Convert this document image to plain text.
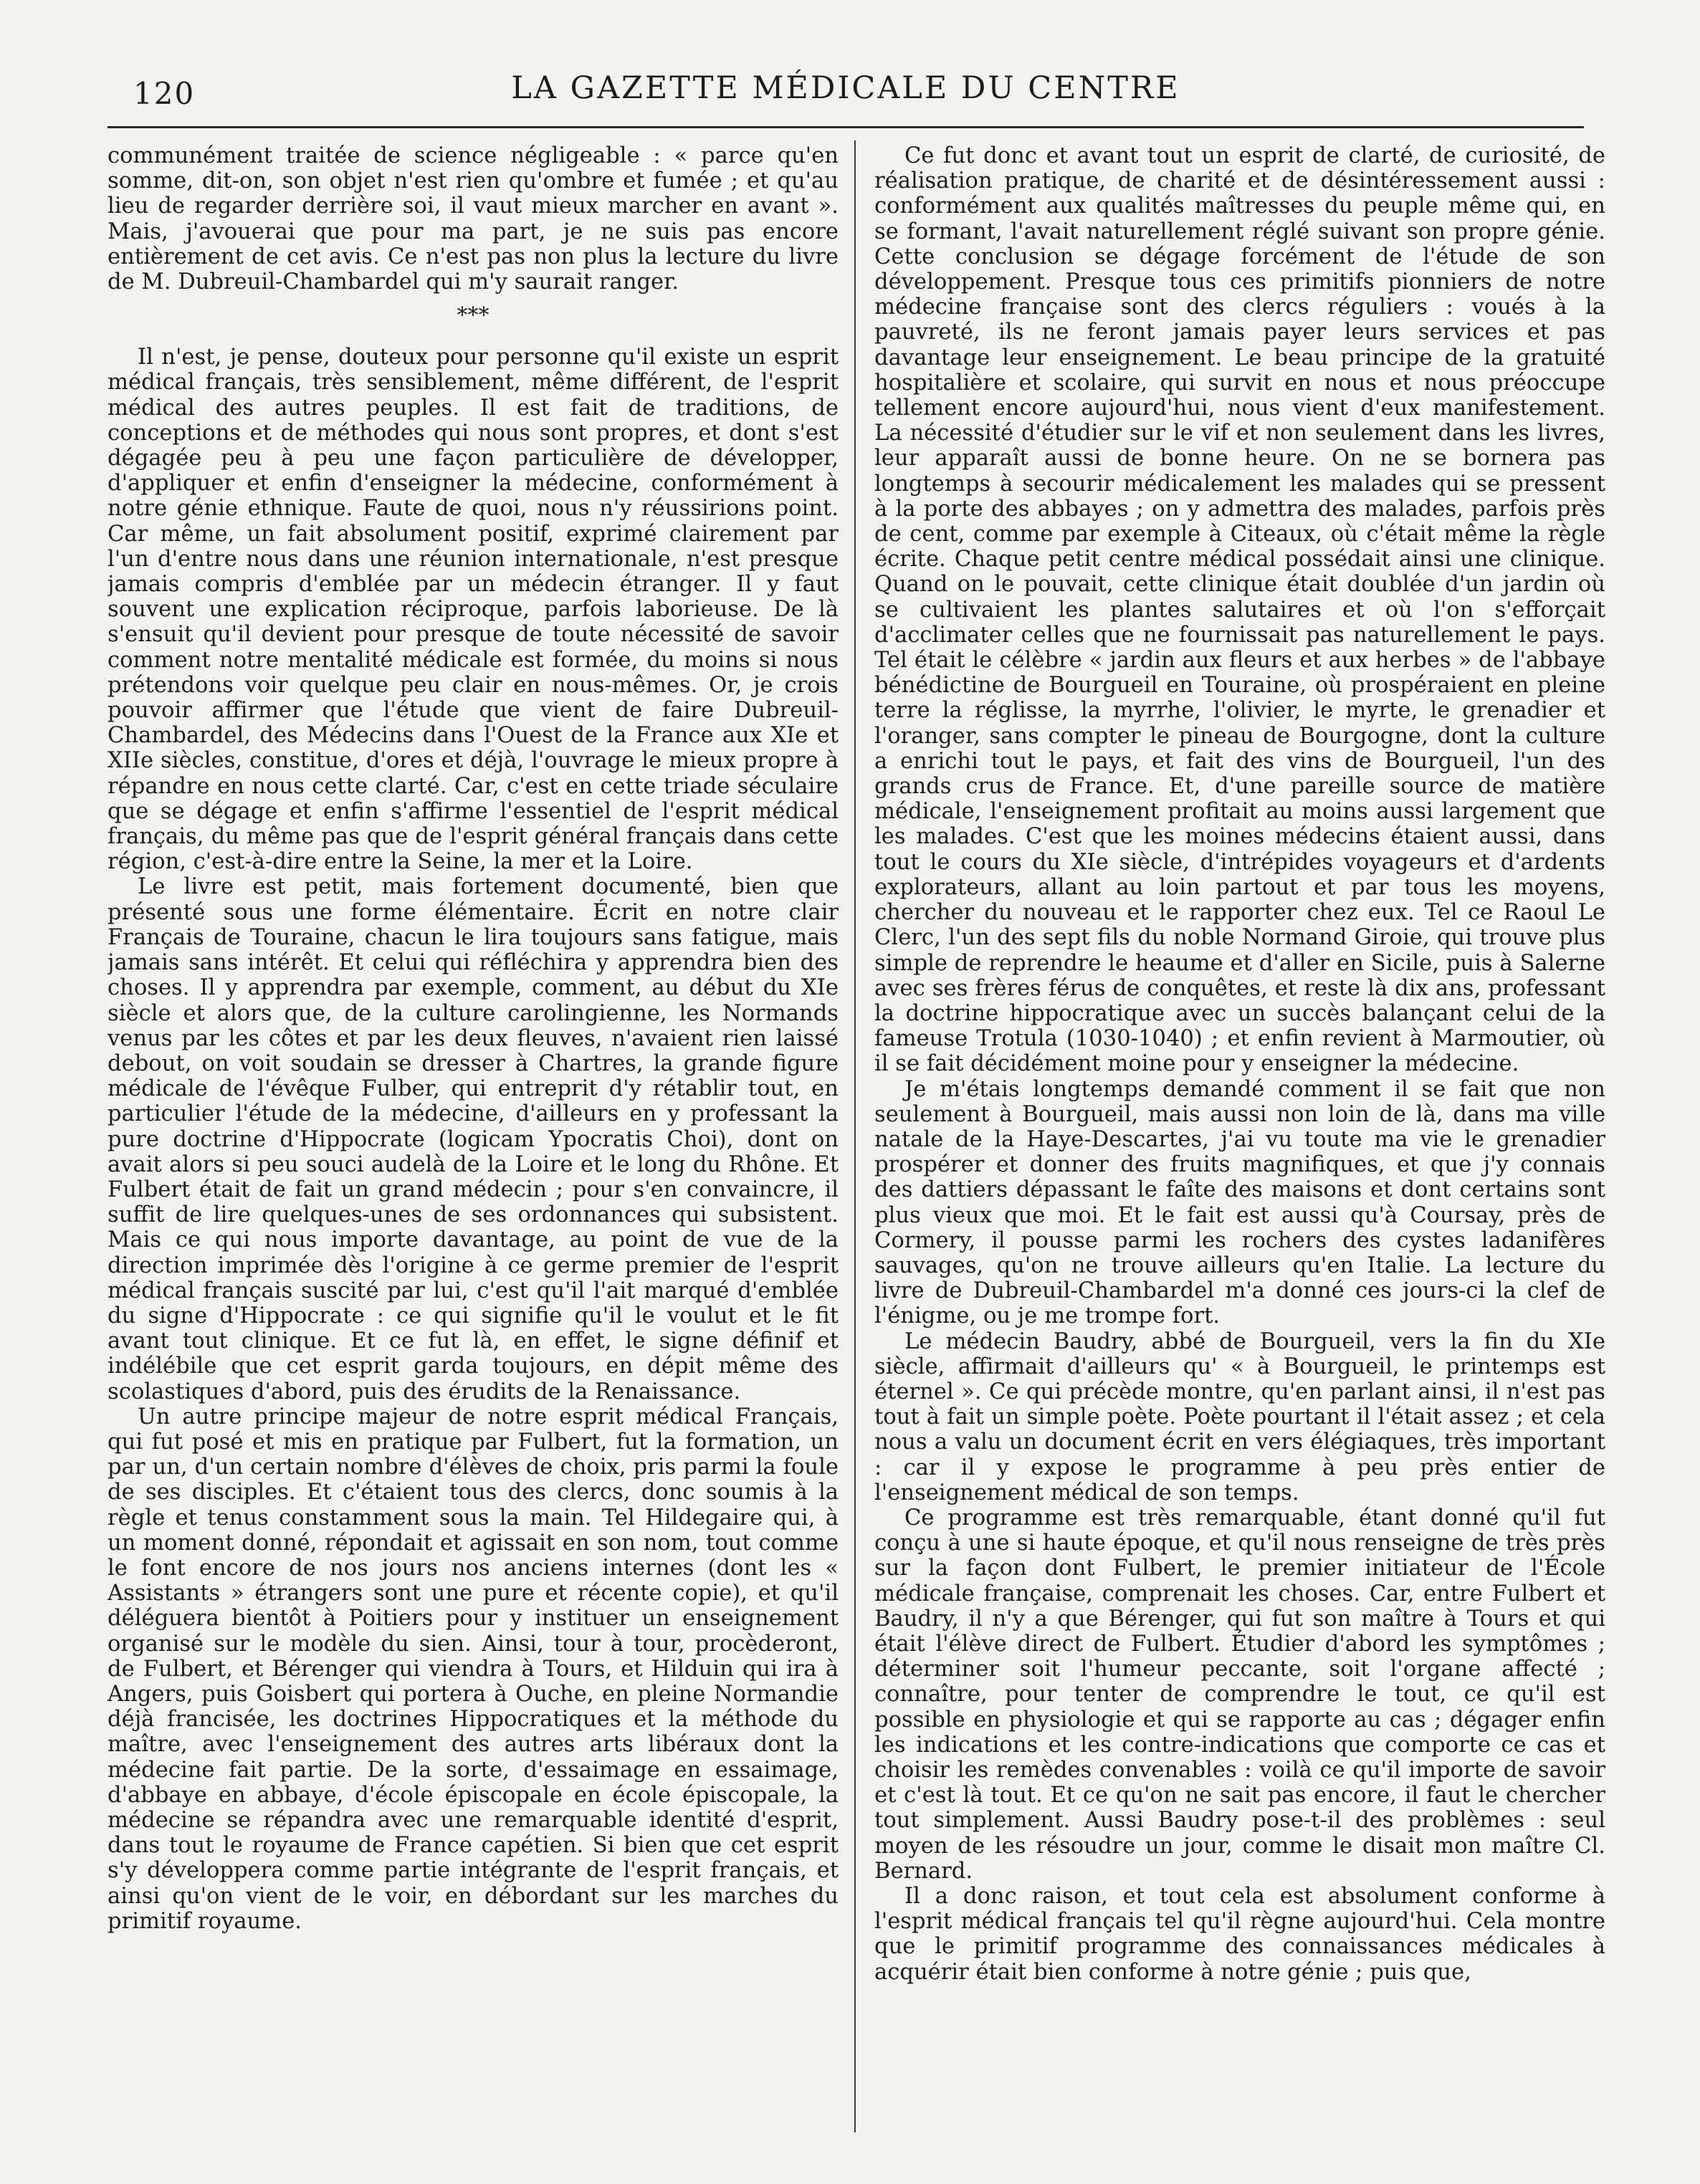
120	LA GAZETTE MÉDICALE DU CENTRE

communément traitée de science négligeable : « parce qu'en somme, dit-on, son objet n'est rien qu'ombre et fumée ; et qu'au lieu de regarder derrière soi, il vaut mieux marcher en avant ». Mais, j'avouerai que pour ma part, je ne suis pas encore entièrement de cet avis. Ce n'est pas non plus la lecture du livre de M. Dubreuil-Chambardel qui m'y saurait ranger.

⁎⁎⁎

Il n'est, je pense, douteux pour personne qu'il existe un esprit médical français, très sensiblement, même différent, de l'esprit médical des autres peuples. Il est fait de traditions, de conceptions et de méthodes qui nous sont propres, et dont s'est dégagée peu à peu une façon particulière de développer, d'appliquer et enfin d'enseigner la médecine, conformément à notre génie ethnique. Faute de quoi, nous n'y réussirions point. Car même, un fait absolument positif, exprimé clairement par l'un d'entre nous dans une réunion internationale, n'est presque jamais compris d'emblée par un médecin étranger. Il y faut souvent une explication réciproque, parfois laborieuse. De là s'ensuit qu'il devient pour presque de toute nécessité de savoir comment notre mentalité médicale est formée, du moins si nous prétendons voir quelque peu clair en nous-mêmes. Or, je crois pouvoir affirmer que l'étude que vient de faire Dubreuil-Chambardel, des Médecins dans l'Ouest de la France aux XIe et XIIe siècles, constitue, d'ores et déjà, l'ouvrage le mieux propre à répandre en nous cette clarté. Car, c'est en cette triade séculaire que se dégage et enfin s'affirme l'essentiel de l'esprit médical français, du même pas que de l'esprit général français dans cette région, c'est-à-dire entre la Seine, la mer et la Loire.

Le livre est petit, mais fortement documenté, bien que présenté sous une forme élémentaire. Écrit en notre clair Français de Touraine, chacun le lira toujours sans fatigue, mais jamais sans intérêt. Et celui qui réfléchira y apprendra bien des choses. Il y apprendra par exemple, comment, au début du XIe siècle et alors que, de la culture carolingienne, les Normands venus par les côtes et par les deux fleuves, n'avaient rien laissé debout, on voit soudain se dresser à Chartres, la grande figure médicale de l'évêque Fulber, qui entreprit d'y rétablir tout, en particulier l'étude de la médecine, d'ailleurs en y professant la pure doctrine d'Hippocrate (logicam Ypocratis Choi), dont on avait alors si peu souci audelà de la Loire et le long du Rhône. Et Fulbert était de fait un grand médecin ; pour s'en convaincre, il suffit de lire quelques-unes de ses ordonnances qui subsistent. Mais ce qui nous importe davantage, au point de vue de la direction imprimée dès l'origine à ce germe premier de l'esprit médical français suscité par lui, c'est qu'il l'ait marqué d'emblée du signe d'Hippocrate : ce qui signifie qu'il le voulut et le fit avant tout clinique. Et ce fut là, en effet, le signe définif et indélébile que cet esprit garda toujours, en dépit même des scolastiques d'abord, puis des érudits de la Renaissance.

Un autre principe majeur de notre esprit médical Français, qui fut posé et mis en pratique par Fulbert, fut la formation, un par un, d'un certain nombre d'élèves de choix, pris parmi la foule de ses disciples. Et c'étaient tous des clercs, donc soumis à la règle et tenus constamment sous la main. Tel Hildegaire qui, à un moment donné, répondait et agissait en son nom, tout comme le font encore de nos jours nos anciens internes (dont les « Assistants » étrangers sont une pure et récente copie), et qu'il déléguera bientôt à Poitiers pour y instituer un enseignement organisé sur le modèle du sien. Ainsi, tour à tour, procèderont, de Fulbert, et Bérenger qui viendra à Tours, et Hilduin qui ira à Angers, puis Goisbert qui portera à Ouche, en pleine Normandie déjà francisée, les doctrines Hippocratiques et la méthode du maître, avec l'enseignement des autres arts libéraux dont la médecine fait partie. De la sorte, d'essaimage en essaimage, d'abbaye en abbaye, d'école épiscopale en école épiscopale, la médecine se répandra avec une remarquable identité d'esprit, dans tout le royaume de France capétien. Si bien que cet esprit s'y développera comme partie intégrante de l'esprit français, et ainsi qu'on vient de le voir, en débordant sur les marches du primitif royaume.

Ce fut donc et avant tout un esprit de clarté, de curiosité, de réalisation pratique, de charité et de désintéressement aussi : conformément aux qualités maîtresses du peuple même qui, en se formant, l'avait naturellement réglé suivant son propre génie. Cette conclusion se dégage forcément de l'étude de son développement. Presque tous ces primitifs pionniers de notre médecine française sont des clercs réguliers : voués à la pauvreté, ils ne feront jamais payer leurs services et pas davantage leur enseignement. Le beau principe de la gratuité hospitalière et scolaire, qui survit en nous et nous préoccupe tellement encore aujourd'hui, nous vient d'eux manifestement. La nécessité d'étudier sur le vif et non seulement dans les livres, leur apparaît aussi de bonne heure. On ne se bornera pas longtemps à secourir médicalement les malades qui se pressent à la porte des abbayes ; on y admettra des malades, parfois près de cent, comme par exemple à Citeaux, où c'était même la règle écrite. Chaque petit centre médical possédait ainsi une clinique. Quand on le pouvait, cette clinique était doublée d'un jardin où se cultivaient les plantes salutaires et où l'on s'efforçait d'acclimater celles que ne fournissait pas naturellement le pays. Tel était le célèbre « jardin aux fleurs et aux herbes » de l'abbaye bénédictine de Bourgueil en Touraine, où prospéraient en pleine terre la réglisse, la myrrhe, l'olivier, le myrte, le grenadier et l'oranger, sans compter le pineau de Bourgogne, dont la culture a enrichi tout le pays, et fait des vins de Bourgueil, l'un des grands crus de France. Et, d'une pareille source de matière médicale, l'enseignement profitait au moins aussi largement que les malades. C'est que les moines médecins étaient aussi, dans tout le cours du XIe siècle, d'intrépides voyageurs et d'ardents explorateurs, allant au loin partout et par tous les moyens, chercher du nouveau et le rapporter chez eux. Tel ce Raoul Le Clerc, l'un des sept fils du noble Normand Giroie, qui trouve plus simple de reprendre le heaume et d'aller en Sicile, puis à Salerne avec ses frères férus de conquêtes, et reste là dix ans, professant la doctrine hippocratique avec un succès balançant celui de la fameuse Trotula (1030-1040) ; et enfin revient à Marmoutier, où il se fait décidément moine pour y enseigner la médecine.

Je m'étais longtemps demandé comment il se fait que non seulement à Bourgueil, mais aussi non loin de là, dans ma ville natale de la Haye-Descartes, j'ai vu toute ma vie le grenadier prospérer et donner des fruits magnifiques, et que j'y connais des dattiers dépassant le faîte des maisons et dont certains sont plus vieux que moi. Et le fait est aussi qu'à Coursay, près de Cormery, il pousse parmi les rochers des cystes ladanifères sauvages, qu'on ne trouve ailleurs qu'en Italie. La lecture du livre de Dubreuil-Chambardel m'a donné ces jours-ci la clef de l'énigme, ou je me trompe fort.

Le médecin Baudry, abbé de Bourgueil, vers la fin du XIe siècle, affirmait d'ailleurs qu' « à Bourgueil, le printemps est éternel ». Ce qui précède montre, qu'en parlant ainsi, il n'est pas tout à fait un simple poète. Poète pourtant il l'était assez ; et cela nous a valu un document écrit en vers élégiaques, très important : car il y expose le programme à peu près entier de l'enseignement médical de son temps.

Ce programme est très remarquable, étant donné qu'il fut conçu à une si haute époque, et qu'il nous renseigne de très près sur la façon dont Fulbert, le premier initiateur de l'École médicale française, comprenait les choses. Car, entre Fulbert et Baudry, il n'y a que Bérenger, qui fut son maître à Tours et qui était l'élève direct de Fulbert. Étudier d'abord les symptômes ; déterminer soit l'humeur peccante, soit l'organe affecté ; connaître, pour tenter de comprendre le tout, ce qu'il est possible en physiologie et qui se rapporte au cas ; dégager enfin les indications et les contre-indications que comporte ce cas et choisir les remèdes convenables : voilà ce qu'il importe de savoir et c'est là tout. Et ce qu'on ne sait pas encore, il faut le chercher tout simplement. Aussi Baudry pose-t-il des problèmes : seul moyen de les résoudre un jour, comme le disait mon maître Cl. Bernard.

Il a donc raison, et tout cela est absolument conforme à l'esprit médical français tel qu'il règne aujourd'hui. Cela montre que le primitif programme des connaissances médicales à acquérir était bien conforme à notre génie ; puis que,
